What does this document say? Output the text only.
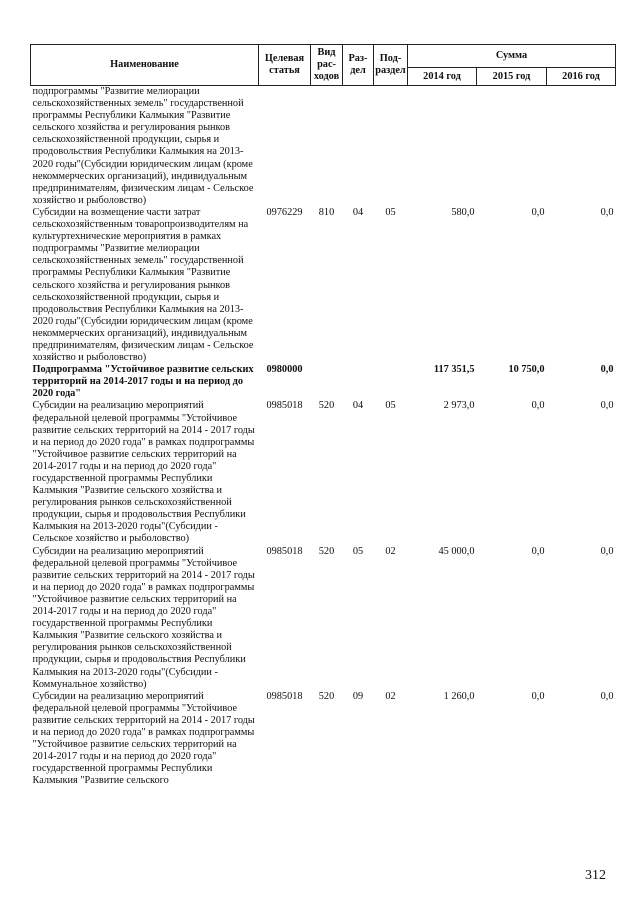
Наименование	Целевая статья	Вид рас-ходов	Раз-дел	Под-раздел	Сумма		
					2014 год	2015 год	2016 год
подпрограммы "Развитие мелиорации сельскохозяйственных земель" государственной программы Республики Калмыкия "Развитие сельского хозяйства и регулирования рынков сельскохозяйственной продукции, сырья и продовольствия Республики Калмыкия на 2013-2020 годы"(Субсидии юридическим лицам (кроме некоммерческих организаций), индивидуальным предпринимателям, физическим лицам - Сельское хозяйство и рыболовство)							
Субсидии на возмещение части затрат сельскохозяйственным товаропроизводителям на культуртехнические мероприятия в рамках подпрограммы "Развитие мелиорации сельскохозяйственных земель" государственной программы Республики Калмыкия "Развитие сельского хозяйства и регулирования рынков сельскохозяйственной продукции, сырья и продовольствия Республики Калмыкия на 2013-2020 годы"(Субсидии юридическим лицам (кроме некоммерческих организаций), индивидуальным предпринимателям, физическим лицам - Сельское хозяйство и рыболовство)	0976229	810	04	05	580,0	0,0	0,0
Подпрограмма "Устойчивое развитие сельских территорий на 2014-2017 годы и на период до 2020 года"	0980000				117 351,5	10 750,0	0,0
Субсидии на реализацию мероприятий федеральной целевой программы "Устойчивое развитие сельских территорий на 2014 - 2017 годы и на период до 2020 года" в рамках подпрограммы "Устойчивое развитие сельских территорий на 2014-2017 годы и на период до 2020 года" государственной программы Республики Калмыкия "Развитие сельского хозяйства и регулирования рынков сельскохозяйственной продукции, сырья и продовольствия Республики Калмыкия на 2013-2020 годы"(Субсидии - Сельское хозяйство и рыболовство)	0985018	520	04	05	2 973,0	0,0	0,0
Субсидии на реализацию мероприятий федеральной целевой программы "Устойчивое развитие сельских территорий на 2014 - 2017 годы и на период до 2020 года" в рамках подпрограммы "Устойчивое развитие сельских территорий на 2014-2017 годы и на период до 2020 года" государственной программы Республики Калмыкия "Развитие сельского хозяйства и регулирования рынков сельскохозяйственной продукции, сырья и продовольствия Республики Калмыкия на 2013-2020 годы"(Субсидии - Коммунальное хозяйство)	0985018	520	05	02	45 000,0	0,0	0,0
Субсидии на реализацию мероприятий федеральной целевой программы "Устойчивое развитие сельских территорий на 2014 - 2017 годы и на период до 2020 года" в рамках подпрограммы "Устойчивое развитие сельских территорий на 2014-2017 годы и на период до 2020 года" государственной программы Республики Калмыкия "Развитие сельского	0985018	520	09	02	1 260,0	0,0	0,0
312
